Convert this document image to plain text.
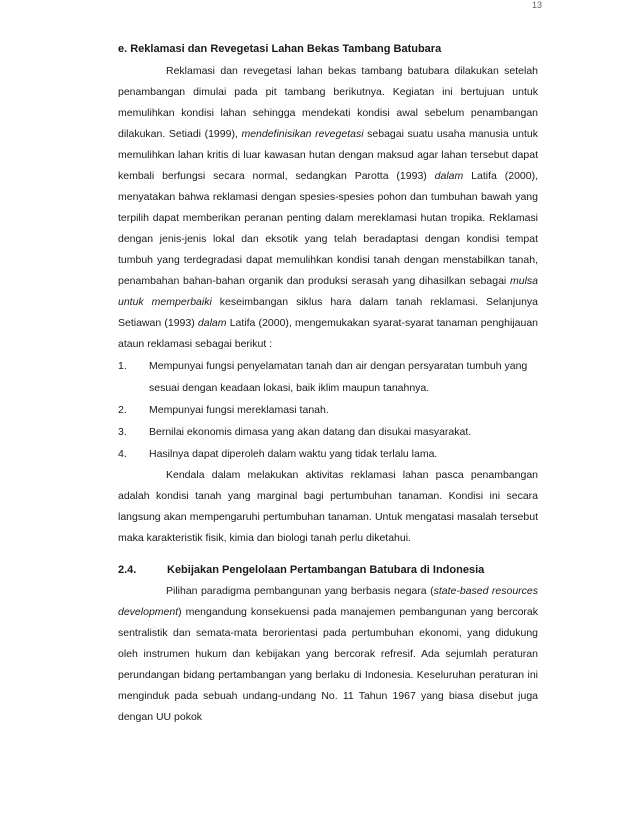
13
e. Reklamasi dan Revegetasi Lahan Bekas Tambang Batubara

Reklamasi dan revegetasi lahan bekas tambang batubara dilakukan setelah penambangan dimulai pada pit tambang berikutnya. Kegiatan ini bertujuan untuk memulihkan kondisi lahan sehingga mendekati kondisi awal sebelum penambangan dilakukan. Setiadi (1999), mendefinisikan revegetasi sebagai suatu usaha manusia untuk memulihkan lahan kritis di luar kawasan hutan dengan maksud agar lahan tersebut dapat kembali berfungsi secara normal, sedangkan Parotta (1993) dalam Latifa (2000), menyatakan bahwa reklamasi dengan spesies-spesies pohon dan tumbuhan bawah yang terpilih dapat memberikan peranan penting dalam mereklamasi hutan tropika. Reklamasi dengan jenis-jenis lokal dan eksotik yang telah beradaptasi dengan kondisi tempat tumbuh yang terdegradasi dapat memulihkan kondisi tanah dengan menstabilkan tanah, penambahan bahan-bahan organik dan produksi serasah yang dihasilkan sebagai mulsa untuk memperbaiki keseimbangan siklus hara dalam tanah reklamasi. Selanjunya Setiawan (1993) dalam Latifa (2000), mengemukakan syarat-syarat tanaman penghijauan ataun reklamasi sebagai berikut :

1. Mempunyai fungsi penyelamatan tanah dan air dengan persyaratan tumbuh yang sesuai dengan keadaan lokasi, baik iklim maupun tanahnya.
2. Mempunyai fungsi mereklamasi tanah.
3. Bernilai ekonomis dimasa yang akan datang dan disukai masyarakat.
4. Hasilnya dapat diperoleh dalam waktu yang tidak terlalu lama.

Kendala dalam melakukan aktivitas reklamasi lahan pasca penambangan adalah kondisi tanah yang marginal bagi pertumbuhan tanaman. Kondisi ini secara langsung akan mempengaruhi pertumbuhan tanaman. Untuk mengatasi masalah tersebut maka karakteristik fisik, kimia dan biologi tanah perlu diketahui.

2.4.	Kebijakan Pengelolaan Pertambangan Batubara di Indonesia

Pilihan paradigma pembangunan yang berbasis negara (state-based resources development) mengandung konsekuensi pada manajemen pembangunan yang bercorak sentralistik dan semata-mata berorientasi pada pertumbuhan ekonomi, yang didukung oleh instrumen hukum dan kebijakan yang bercorak refresif. Ada sejumlah peraturan perundangan bidang pertambangan yang berlaku di Indonesia. Keseluruhan peraturan ini menginduk pada sebuah undang-undang No. 11 Tahun 1967 yang biasa disebut juga dengan UU pokok
